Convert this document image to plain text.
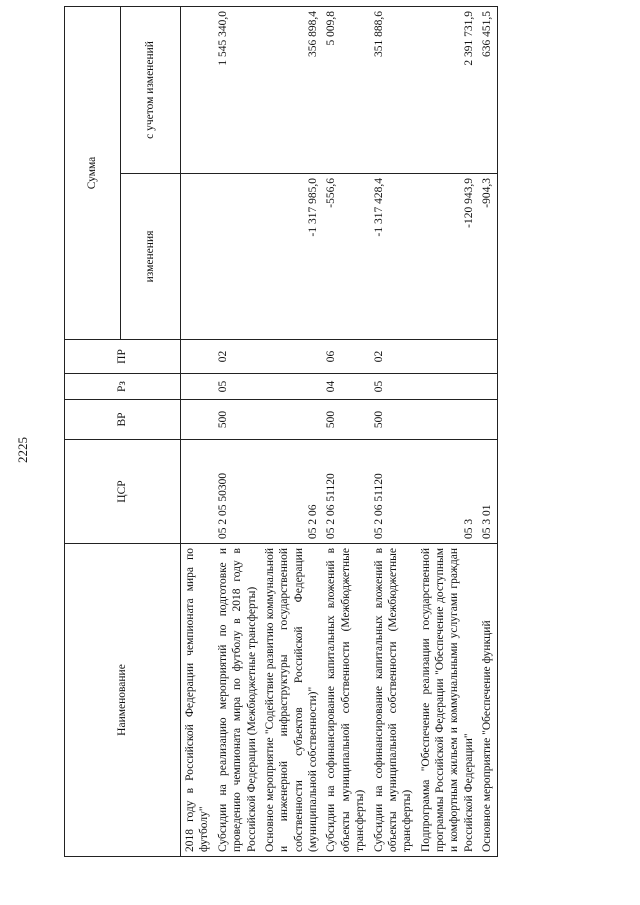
2225
Наименование	ЦСР	ВР	Рз	ПР	Сумма	
					изменения	с учетом изменений
2018 году в Российской Федерации чемпионата мира по футболу"						
Субсидии на реализацию мероприятий по подготовке и проведению чемпионата мира по футболу в 2018 году в Российской Федерации (Межбюджетные трансферты)	05 2 05 50300	500	05	02		1 545 340,0
Основное мероприятие "Содействие развитию коммунальной и инженерной инфраструктуры государственной собственности субъектов Российской Федерации (муниципальной собственности)"	05 2 06				-1 317 985,0	356 898,4
Субсидии на софинансирование капитальных вложений в объекты муниципальной собственности (Межбюджетные трансферты)	05 2 06 51120	500	04	06	-556,6	5 009,8
Субсидии на софинансирование капитальных вложений в объекты муниципальной собственности (Межбюджетные трансферты)	05 2 06 51120	500	05	02	-1 317 428,4	351 888,6
Подпрограмма "Обеспечение реализации государственной программы Российской Федерации "Обеспечение доступным и комфортным жильем и коммунальными услугами граждан Российской Федерации"	05 3				-120 943,9	2 391 731,9
Основное мероприятие "Обеспечение функций	05 3 01				-904,3	636 451,5
